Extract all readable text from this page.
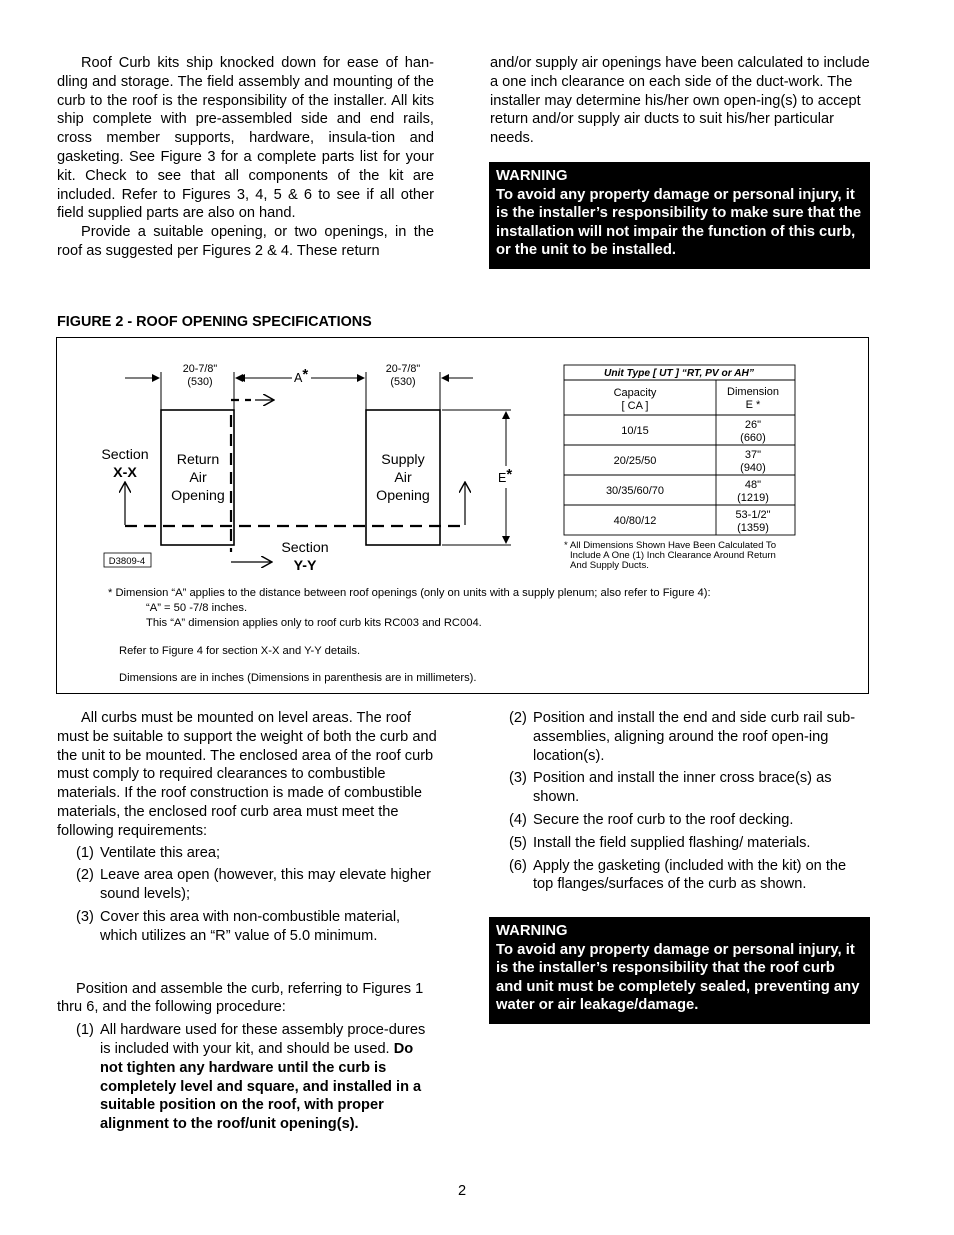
Roof Curb kits ship knocked down for ease of han-dling and storage. The field assembly and mounting of the curb to the roof is the responsibility of the installer. All kits ship complete with pre-assembled side and end rails, cross member supports, hardware, insula-tion and gasketing. See Figure 3 for a complete parts list for your kit. Check to see that all components of the kit are included. Refer to Figures 3, 4, 5 & 6 to see if all other field supplied parts are also on hand.

Provide a suitable opening, or two openings, in the roof as suggested per Figures 2 & 4. These return

and/or supply air openings have been calculated to include a one inch clearance on each side of the duct-work. The installer may determine his/her own open-ing(s) to accept return and/or supply air ducts to suit his/her particular needs.

WARNING
To avoid any property damage or personal injury, it is the installer’s responsibility to make sure that the installation will not impair the function of this curb, or the unit to be installed.
FIGURE 2 - ROOF OPENING SPECIFICATIONS
20-7/8"
(530)	A*	20-7/8"
(530)
Return
Air
Opening
Supply
Air
Opening
Section
X-X
Section
Y-Y
E*
D3809-4
Unit Type [ UT ] “RT, PV or AH”
Capacity
[ CA ]
Dimension
E *
10/15	26"
(660)
20/25/50	37"
(940)
30/35/60/70	48"
(1219)
40/80/12	53-1/2"
(1359)
* All Dimensions Shown Have Been Calculated To
Include A One (1) Inch Clearance Around Return
And Supply Ducts.
* Dimension “A” applies to the distance between roof openings (only on units with a supply plenum; also refer to Figure 4):
“A” = 50 -7/8 inches.
This “A” dimension applies only to roof curb kits RC003 and RC004.
Refer to Figure 4 for section X-X and Y-Y details.
Dimensions are in inches (Dimensions in parenthesis are in millimeters).

All curbs must be mounted on level areas. The roof must be suitable to support the weight of both the curb and the unit to be mounted. The enclosed area of the roof curb must comply to required clearances to combustible materials. If the roof construction is made of combustible materials, the enclosed roof curb area must meet the following requirements:

(1) Ventilate this area;
(2) Leave area open (however, this may elevate higher sound levels);
(3) Cover this area with non-combustible material, which utilizes an “R” value of 5.0 minimum.

Position and assemble the curb, referring to Figures 1 thru 6, and the following procedure:

(1) All hardware used for these assembly proce-dures is included with your kit, and should be used. Do not tighten any hardware until the curb is completely level and square, and installed in a suitable position on the roof, with proper alignment to the roof/unit opening(s).
(2) Position and install the end and side curb rail sub-assemblies, aligning around the roof open-ing location(s).
(3) Position and install the inner cross brace(s) as shown.
(4) Secure the roof curb to the roof decking.
(5) Install the field supplied flashing/ materials.
(6) Apply the gasketing (included with the kit) on the top flanges/surfaces of the curb as shown.
WARNING
To avoid any property damage or personal injury, it is the installer’s responsibility that the roof curb and unit must be completely sealed, preventing any water or air leakage/damage.
2
